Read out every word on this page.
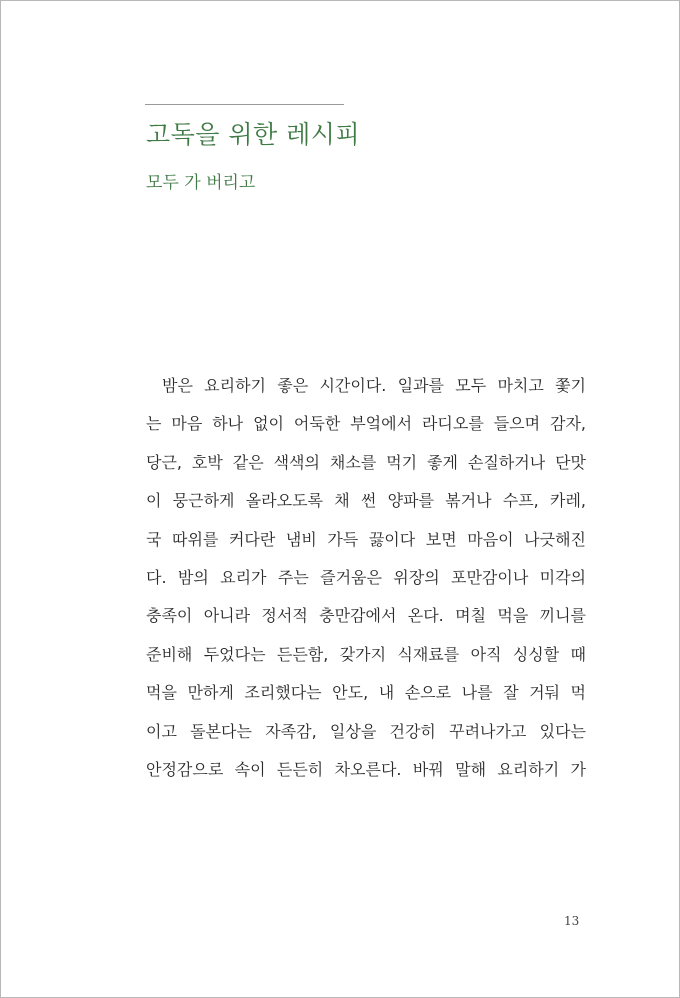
고독을 위한 레시피
모두 가 버리고
밤은 요리하기 좋은 시간이다. 일과를 모두 마치고 쫓기
는 마음 하나 없이 어둑한 부엌에서 라디오를 들으며 감자,
당근, 호박 같은 색색의 채소를 먹기 좋게 손질하거나 단맛
이 뭉근하게 올라오도록 채 썬 양파를 볶거나 수프, 카레,
국 따위를 커다란 냄비 가득 끓이다 보면 마음이 나긋해진
다. 밤의 요리가 주는 즐거움은 위장의 포만감이나 미각의
충족이 아니라 정서적 충만감에서 온다. 며칠 먹을 끼니를
준비해 두었다는 든든함, 갖가지 식재료를 아직 싱싱할 때
먹을 만하게 조리했다는 안도, 내 손으로 나를 잘 거둬 먹
이고 돌본다는 자족감, 일상을 건강히 꾸려나가고 있다는
안정감으로 속이 든든히 차오른다. 바꿔 말해 요리하기 가
13
